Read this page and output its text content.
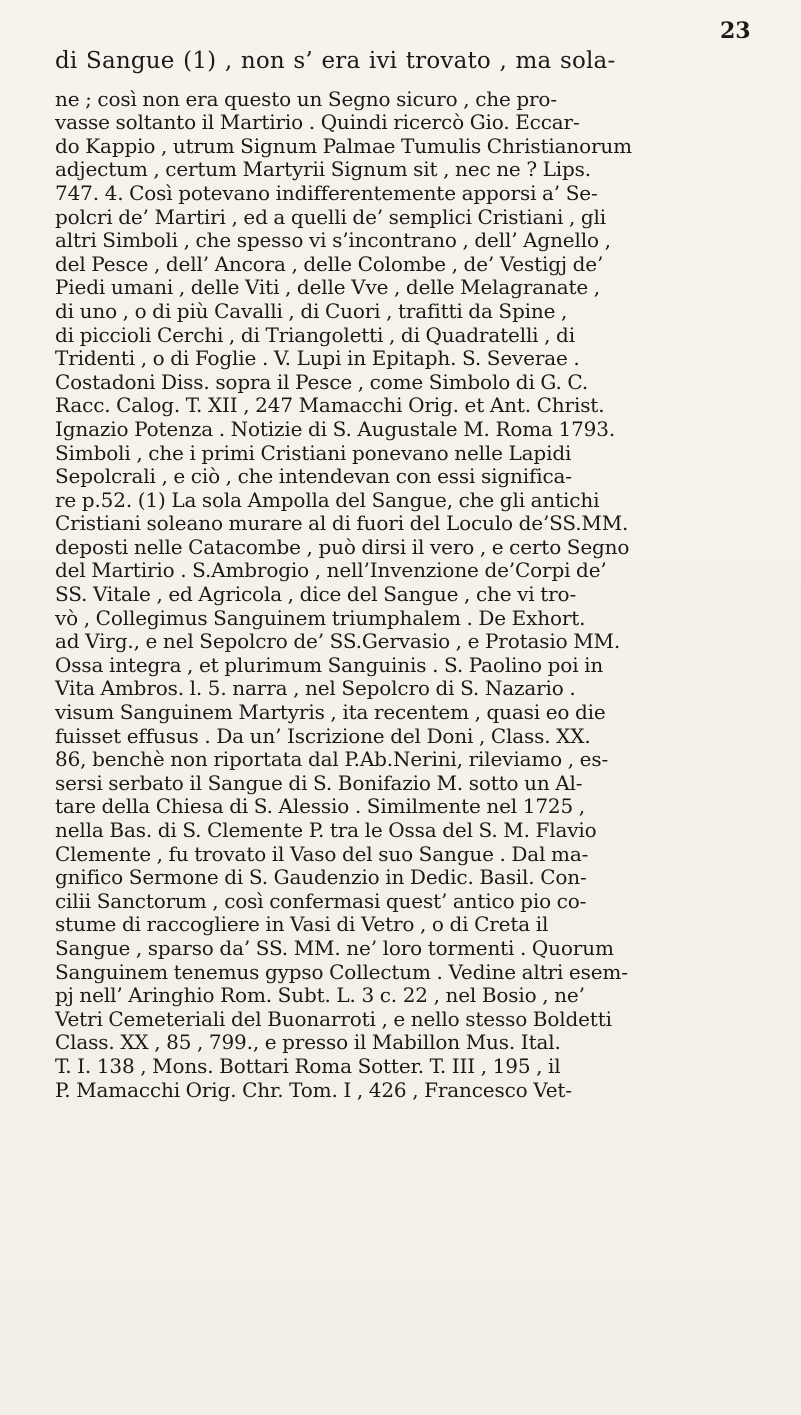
23
di Sangue (1) , non s’ era ivi trovato , ma sola-
ne ; così non era questo un Segno sicuro , che pro-
vasse soltanto il Martirio . Quindi ricercò Gio. Eccar-
do Kappio , utrum Signum Palmae Tumulis Christianorum
adjectum , certum Martyrii Signum sit , nec ne ? Lips.
747. 4. Così potevano indifferentemente apporsi a’ Se-
polcri de’ Martiri , ed a quelli de’ semplici Cristiani , gli
altri Simboli , che spesso vi s’incontrano , dell’ Agnello ,
del Pesce , dell’ Ancora , delle Colombe , de’ Vestigj de’
Piedi umani , delle Viti , delle Vve , delle Melagranate ,
di uno , o di più Cavalli , di Cuori , trafitti da Spine ,
di piccioli Cerchi , di Triangoletti , di Quadratelli , di
Tridenti , o di Foglie . V. Lupi in Epitaph. S. Severae .
Costadoni Diss. sopra il Pesce , come Simbolo di G. C.
Racc. Calog. T. XII , 247 Mamacchi Orig. et Ant. Christ.
Ignazio Potenza . Notizie di S. Augustale M. Roma 1793.
Simboli , che i primi Cristiani ponevano nelle Lapidi
Sepolcrali , e ciò , che intendevan con essi significa-
re p.52. (1) La sola Ampolla del Sangue, che gli antichi
Cristiani soleano murare al di fuori del Loculo de’SS.MM.
deposti nelle Catacombe , può dirsi il vero , e certo Segno
del Martirio . S.Ambrogio , nell’Invenzione de’Corpi de’
SS. Vitale , ed Agricola , dice del Sangue , che vi tro-
vò , Collegimus Sanguinem triumphalem . De Exhort.
ad Virg., e nel Sepolcro de’ SS.Gervasio , e Protasio MM.
Ossa integra , et plurimum Sanguinis . S. Paolino poi in
Vita Ambros. l. 5. narra , nel Sepolcro di S. Nazario .
visum Sanguinem Martyris , ita recentem , quasi eo die
fuisset effusus . Da un’ Iscrizione del Doni , Class. XX.
86, benchè non riportata dal P.Ab.Nerini, rileviamo , es-
sersi serbato il Sangue di S. Bonifazio M. sotto un Al-
tare della Chiesa di S. Alessio . Similmente nel 1725 ,
nella Bas. di S. Clemente P. tra le Ossa del S. M. Flavio
Clemente , fu trovato il Vaso del suo Sangue . Dal ma-
gnifico Sermone di S. Gaudenzio in Dedic. Basil. Con-
cilii Sanctorum , così confermasi quest’ antico pio co-
stume di raccogliere in Vasi di Vetro , o di Creta il
Sangue , sparso da’ SS. MM. ne’ loro tormenti . Quorum
Sanguinem tenemus gypso Collectum . Vedine altri esem-
pj nell’ Aringhio Rom. Subt. L. 3 c. 22 , nel Bosio , ne’
Vetri Cemeteriali del Buonarroti , e nello stesso Boldetti
Class. XX , 85 , 799., e presso il Mabillon Mus. Ital.
T. I. 138 , Mons. Bottari Roma Sotter. T. III , 195 , il
P. Mamacchi Orig. Chr. Tom. I , 426 , Francesco Vet-
